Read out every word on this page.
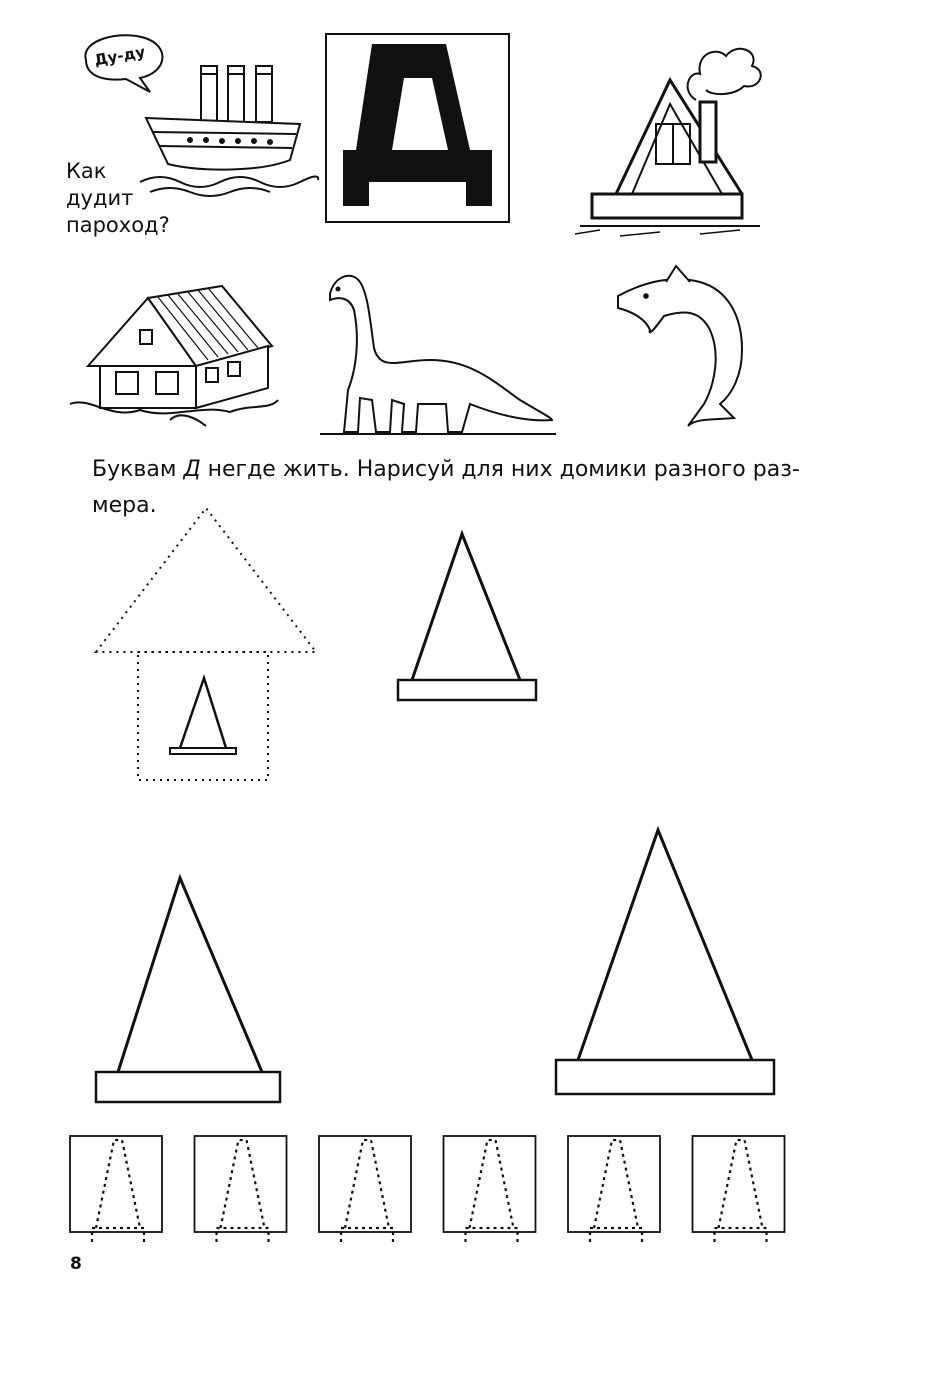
Ду-ду
Как
дудит
пароход?
Буквам Д негде жить. Нарисуй для них домики разного раз-
мера.
8
